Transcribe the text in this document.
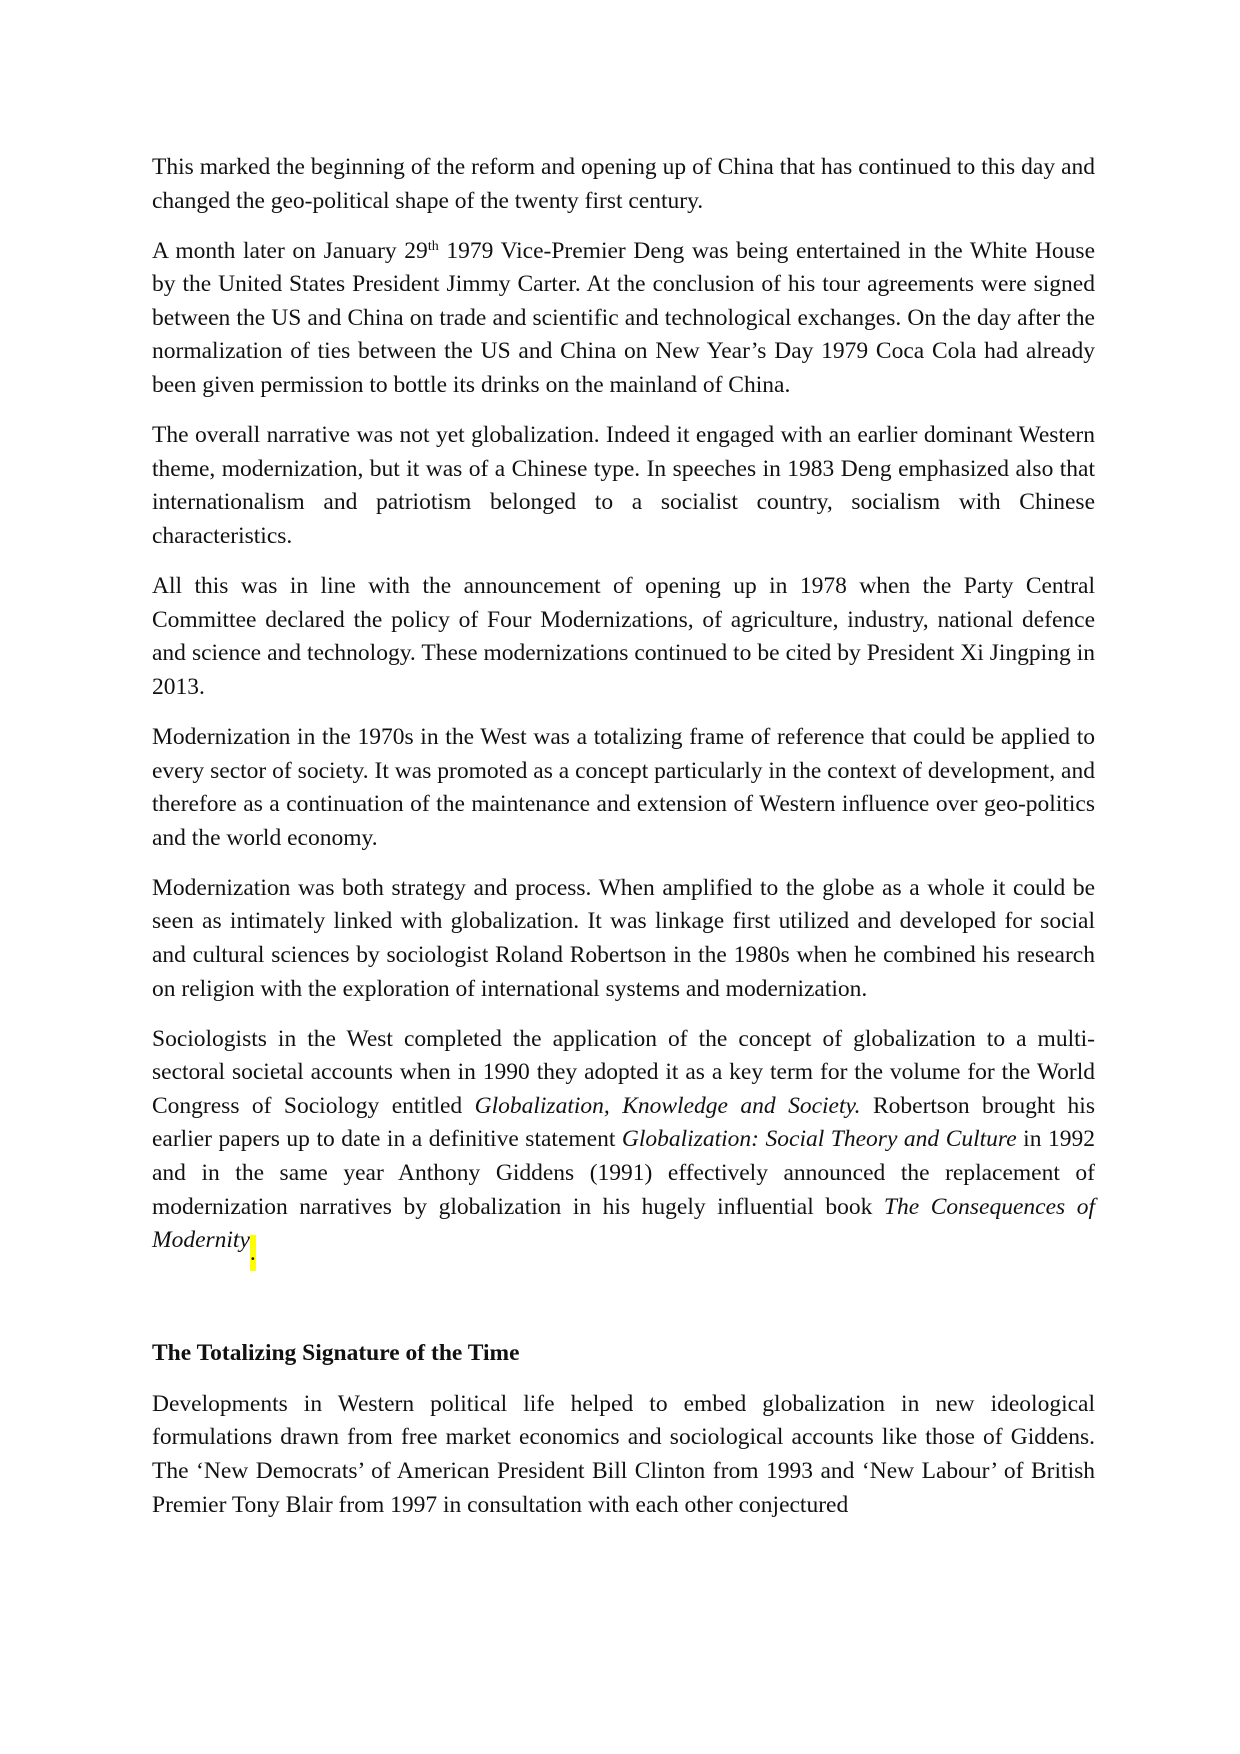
This marked the beginning of the reform and opening up of China that has continued to this day and changed the geo-political shape of the twenty first century.

A month later on January 29th 1979 Vice-Premier Deng was being entertained in the White House by the United States President Jimmy Carter. At the conclusion of his tour agreements were signed between the US and China on trade and scientific and technological exchanges. On the day after the normalization of ties between the US and China on New Year’s Day 1979 Coca Cola had already been given permission to bottle its drinks on the mainland of China.

The overall narrative was not yet globalization. Indeed it engaged with an earlier dominant Western theme, modernization, but it was of a Chinese type. In speeches in 1983 Deng emphasized also that internationalism and patriotism belonged to a socialist country, socialism with Chinese characteristics.

All this was in line with the announcement of opening up in 1978 when the Party Central Committee declared the policy of Four Modernizations, of agriculture, industry, national defence and science and technology. These modernizations continued to be cited by President Xi Jingping in 2013.

Modernization in the 1970s in the West was a totalizing frame of reference that could be applied to every sector of society. It was promoted as a concept particularly in the context of development, and therefore as a continuation of the maintenance and extension of Western influence over geo-politics and the world economy.

Modernization was both strategy and process. When amplified to the globe as a whole it could be seen as intimately linked with globalization. It was linkage first utilized and developed for social and cultural sciences by sociologist Roland Robertson in the 1980s when he combined his research on religion with the exploration of international systems and modernization.

Sociologists in the West completed the application of the concept of globalization to a multi-sectoral societal accounts when in 1990 they adopted it as a key term for the volume for the World Congress of Sociology entitled Globalization, Knowledge and Society. Robertson brought his earlier papers up to date in a definitive statement Globalization: Social Theory and Culture in 1992 and in the same year Anthony Giddens (1991) effectively announced the replacement of modernization narratives by globalization in his hugely influential book The Consequences of Modernity.

The Totalizing Signature of the Time

Developments in Western political life helped to embed globalization in new ideological formulations drawn from free market economics and sociological accounts like those of Giddens. The ‘New Democrats’ of American President Bill Clinton from 1993 and ‘New Labour’ of British Premier Tony Blair from 1997 in consultation with each other conjectured
